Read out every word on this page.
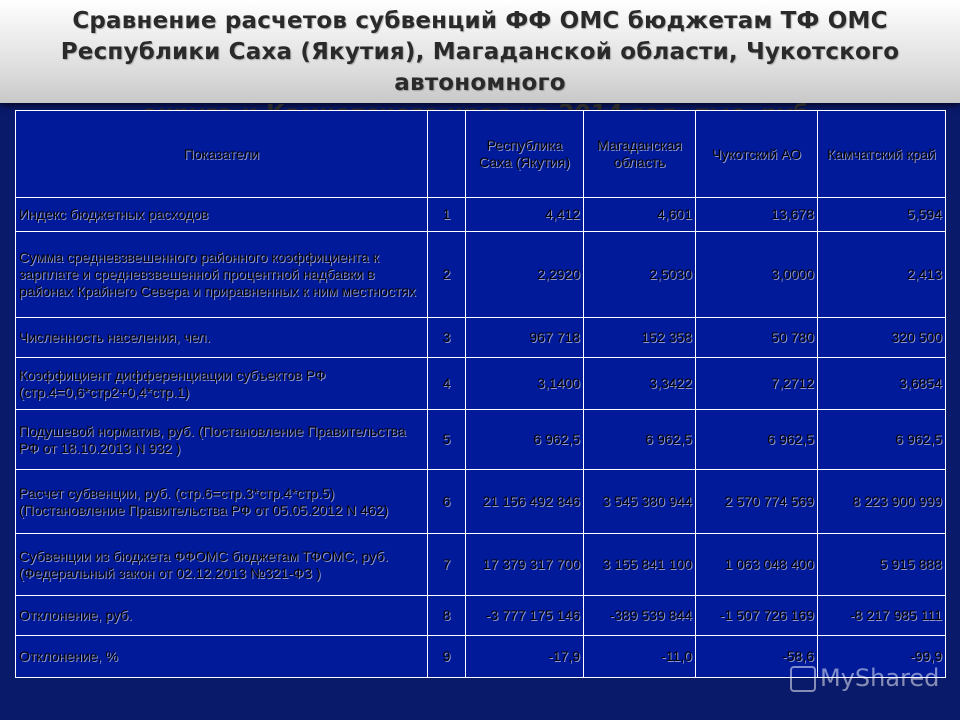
Сравнение расчетов субвенций ФФ ОМС бюджетам ТФ ОМС
Республики Саха (Якутия), Магаданской области, Чукотского автономного
Показатели		Республика Саха (Якутия)	Магаданская область	Чукотский АО	Камчатский край
Индекс бюджетных расходов	1	4,412	4,601	13,678	5,594
Сумма средневзвешенного районного коэффициента к зарплате и средневзвешенной процентной надбавки в районах Крайнего Севера и приравненных к ним местностях	2	2,2920	2,5030	3,0000	2,413
Численность населения, чел.	3	967 718	152 358	50 780	320 500
Коэффициент дифференциации субъектов РФ (стр.4=0,6*стр2+0,4*стр.1)	4	3,1400	3,3422	7,2712	3,6854
Подушевой норматив, руб. (Постановление Правительства РФ от 18.10.2013 N 932 )	5	6 962,5	6 962,5	6 962,5	6 962,5
Расчет субвенции, руб. (стр.6=стр.3*стр.4*стр.5) (Постановление Правительства РФ от 05.05.2012 N 462)	6	21 156 492 846	3 545 380 944	2 570 774 569	8 223 900 999
Субвенции из бюджета ФФОМС бюджетам ТФОМС, руб. (Федеральный закон от 02.12.2013 №321-ФЗ )	7	17 379 317 700	3 155 841 100	1 063 048 400	5 915 888
Отклонение, руб.	8	-3 777 175 146	-389 539 844	-1 507 726 169	-8 217 985 111
Отклонение, %	9	-17,9	-11,0	-58,6	-99,9
MyShared
